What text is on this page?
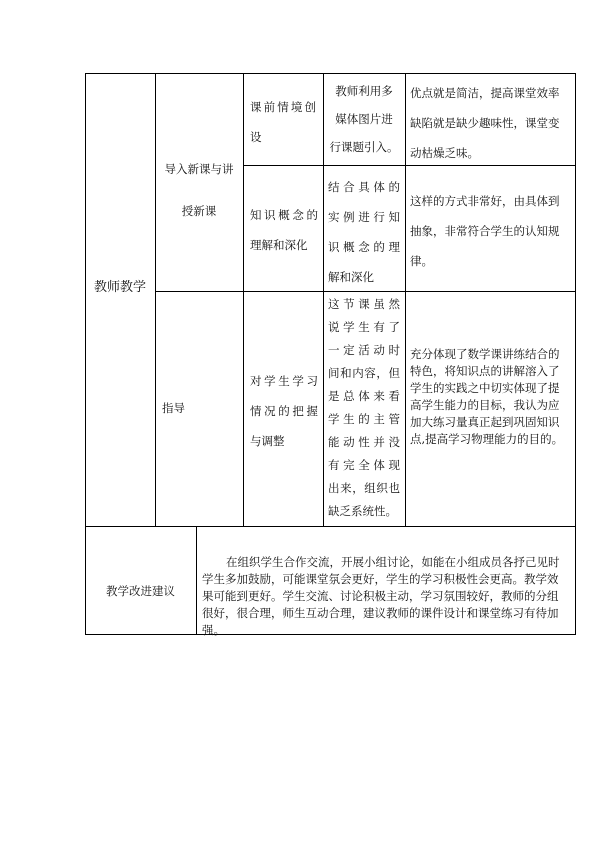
教师教学
导入新课与讲
授新课
课前情境创
设
教师利用多
媒体图片进
行课题引入。
优点就是简洁，提高课堂效率
缺陷就是缺少趣味性，课堂变
动枯燥乏味。
知识概念的
理解和深化
结合具体的
实例进行知
识概念的理
解和深化
这样的方式非常好，由具体到
抽象，非常符合学生的认知规
律。
指导
对学生学习
情况的把握
与调整
这节课虽然
说学生有了
一定活动时
间和内容，但
是总体来看
学生的主管
能动性并没
有完全体现
出来，组织也
缺乏系统性。
充分体现了数学课讲练结合的
特色，将知识点的讲解溶入了
学生的实践之中切实体现了提
高学生能力的目标，我认为应
加大练习量真正起到巩固知识
点,提高学习物理能力的目的。
教学改进建议
在组织学生合作交流，开展小组讨论，如能在小组成员各抒己见时
学生多加鼓励，可能课堂氛会更好，学生的学习积极性会更高。教学效
果可能到更好。学生交流、讨论积极主动，学习氛围较好，教师的分组
很好，很合理，师生互动合理，建议教师的课件设计和课堂练习有待加
强。
